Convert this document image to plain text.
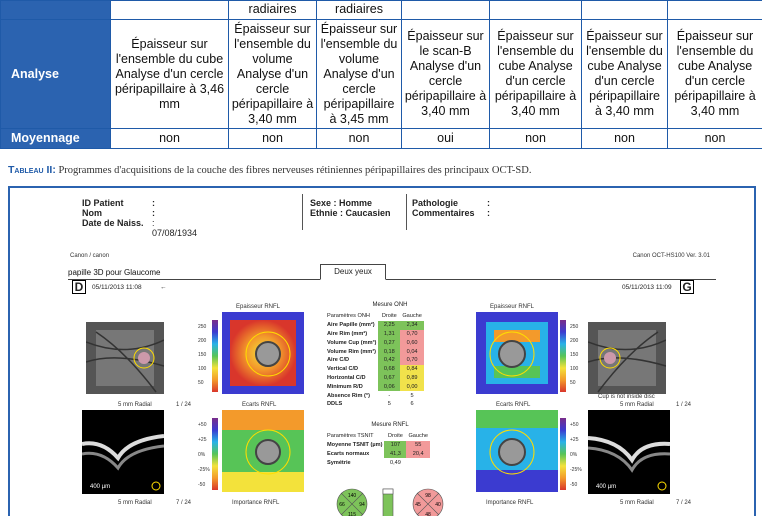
		radiaires	radiaires				
Analyse	Épaisseur sur l'ensemble du cube Analyse d'un cercle péripapillaire à 3,46 mm	Épaisseur sur l'ensemble du volume Analyse d'un cercle péripapillaire à 3,40 mm	Épaisseur sur l'ensemble du volume Analyse d'un cercle péripapillaire à 3,45 mm	Épaisseur sur le scan-B Analyse d'un cercle péripapillaire à 3,40 mm	Épaisseur sur l'ensemble du cube Analyse d'un cercle péripapillaire à 3,40 mm	Épaisseur sur l'ensemble du cube Analyse d'un cercle péripapillaire à 3,40 mm	Épaisseur sur l'ensemble du cube Analyse d'un cercle péripapillaire à 3,40 mm
Moyennage	non	non	non	oui	non	non	non
Tableau II: Programmes d'acquisitions de la couche des fibres nerveuses rétiniennes péripapillaires des principaux OCT-SD.
ID Patient	:
Nom	:
Date de Naiss. : 07/08/1934
Sexe : Homme
Ethnie : Caucasien
Pathologie	:
Commentaires :
Canon / canon	Canon OCT-HS100 Ver. 3.01
papille 3D pour Glaucome	Deux yeux
D	05/11/2013 11:08	←	05/11/2013 11:09 G
250
200
150
100
50
250
200
150
100
50
+50
+25
0%
-25%
-50
+50
+25
0%
-25%
-50
Epaisseur RNFL	Epaisseur RNFL
Ecarts RNFL	Ecarts RNFL
Importance RNFL	Importance RNFL
5 mm Radial	1 / 24	5 mm Radial	1 / 24
5 mm Radial	7 / 24	5 mm Radial	7 / 24
Cup is not inside disc
400 µm	400 µm
Mesure ONH
Paramètres ONH	Droite	Gauche
Aire Papille (mm²)	2,25	2,34
Aire Rim (mm²)	1,31	0,70
Volume Cup (mm³)	0,27	0,60
Volume Rim (mm³)	0,18	0,04
Aire C/D	0,42	0,70
Vertical C/D	0,68	0,84
Horizontal C/D	0,67	0,89
Minimum R/D	0,06	0,00
Absence Rim (°)	-	5
DDLS	5	6
Mesure RNFL
Paramètres TSNIT	Droite	Gauche
Moyenne TSNIT (µm)	107	55
Ecarts normaux	41,3	20,4
Symétrie	0,49	
140
66	94
115
98
45	40
48
